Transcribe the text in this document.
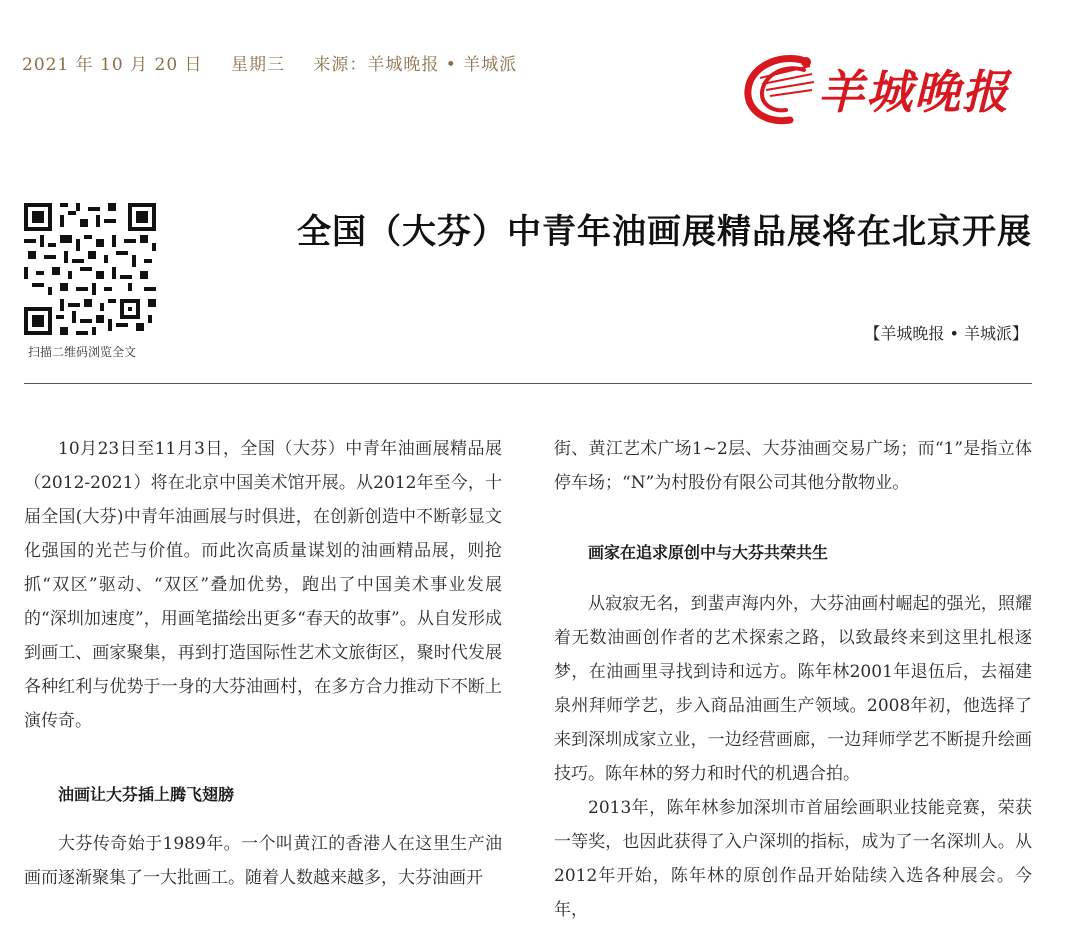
2021 年 10 月 20 日 星期三 来源：羊城晚报 • 羊城派	羊城晚报
扫描二维码浏览全文
全国（大芬）中青年油画展精品展将在北京开展
【羊城晚报 • 羊城派】

10月23日至11月3日，全国（大芬）中青年油画展精品展（2012-2021）将在北京中国美术馆开展。从2012年至今，十届全国(大芬)中青年油画展与时俱进，在创新创造中不断彰显文化强国的光芒与价值。而此次高质量谋划的油画精品展，则抢抓“双区”驱动、“双区”叠加优势，跑出了中国美术事业发展的“深圳加速度”，用画笔描绘出更多“春天的故事”。从自发形成到画工、画家聚集，再到打造国际性艺术文旅街区，聚时代发展各种红利与优势于一身的大芬油画村，在多方合力推动下不断上演传奇。

油画让大芬插上腾飞翅膀

大芬传奇始于1989年。一个叫黄江的香港人在这里生产油画而逐渐聚集了一大批画工。随着人数越来越多，大芬油画开

街、黄江艺术广场1~2层、大芬油画交易广场；而“1”是指立体停车场；“N”为村股份有限公司其他分散物业。

画家在追求原创中与大芬共荣共生

从寂寂无名，到蜚声海内外，大芬油画村崛起的强光，照耀着无数油画创作者的艺术探索之路，以致最终来到这里扎根逐梦，在油画里寻找到诗和远方。陈年林2001年退伍后，去福建泉州拜师学艺，步入商品油画生产领域。2008年初，他选择了来到深圳成家立业，一边经营画廊，一边拜师学艺不断提升绘画技巧。陈年林的努力和时代的机遇合拍。

2013年，陈年林参加深圳市首届绘画职业技能竞赛，荣获一等奖，也因此获得了入户深圳的指标，成为了一名深圳人。从2012年开始，陈年林的原创作品开始陆续入选各种展会。今年，
